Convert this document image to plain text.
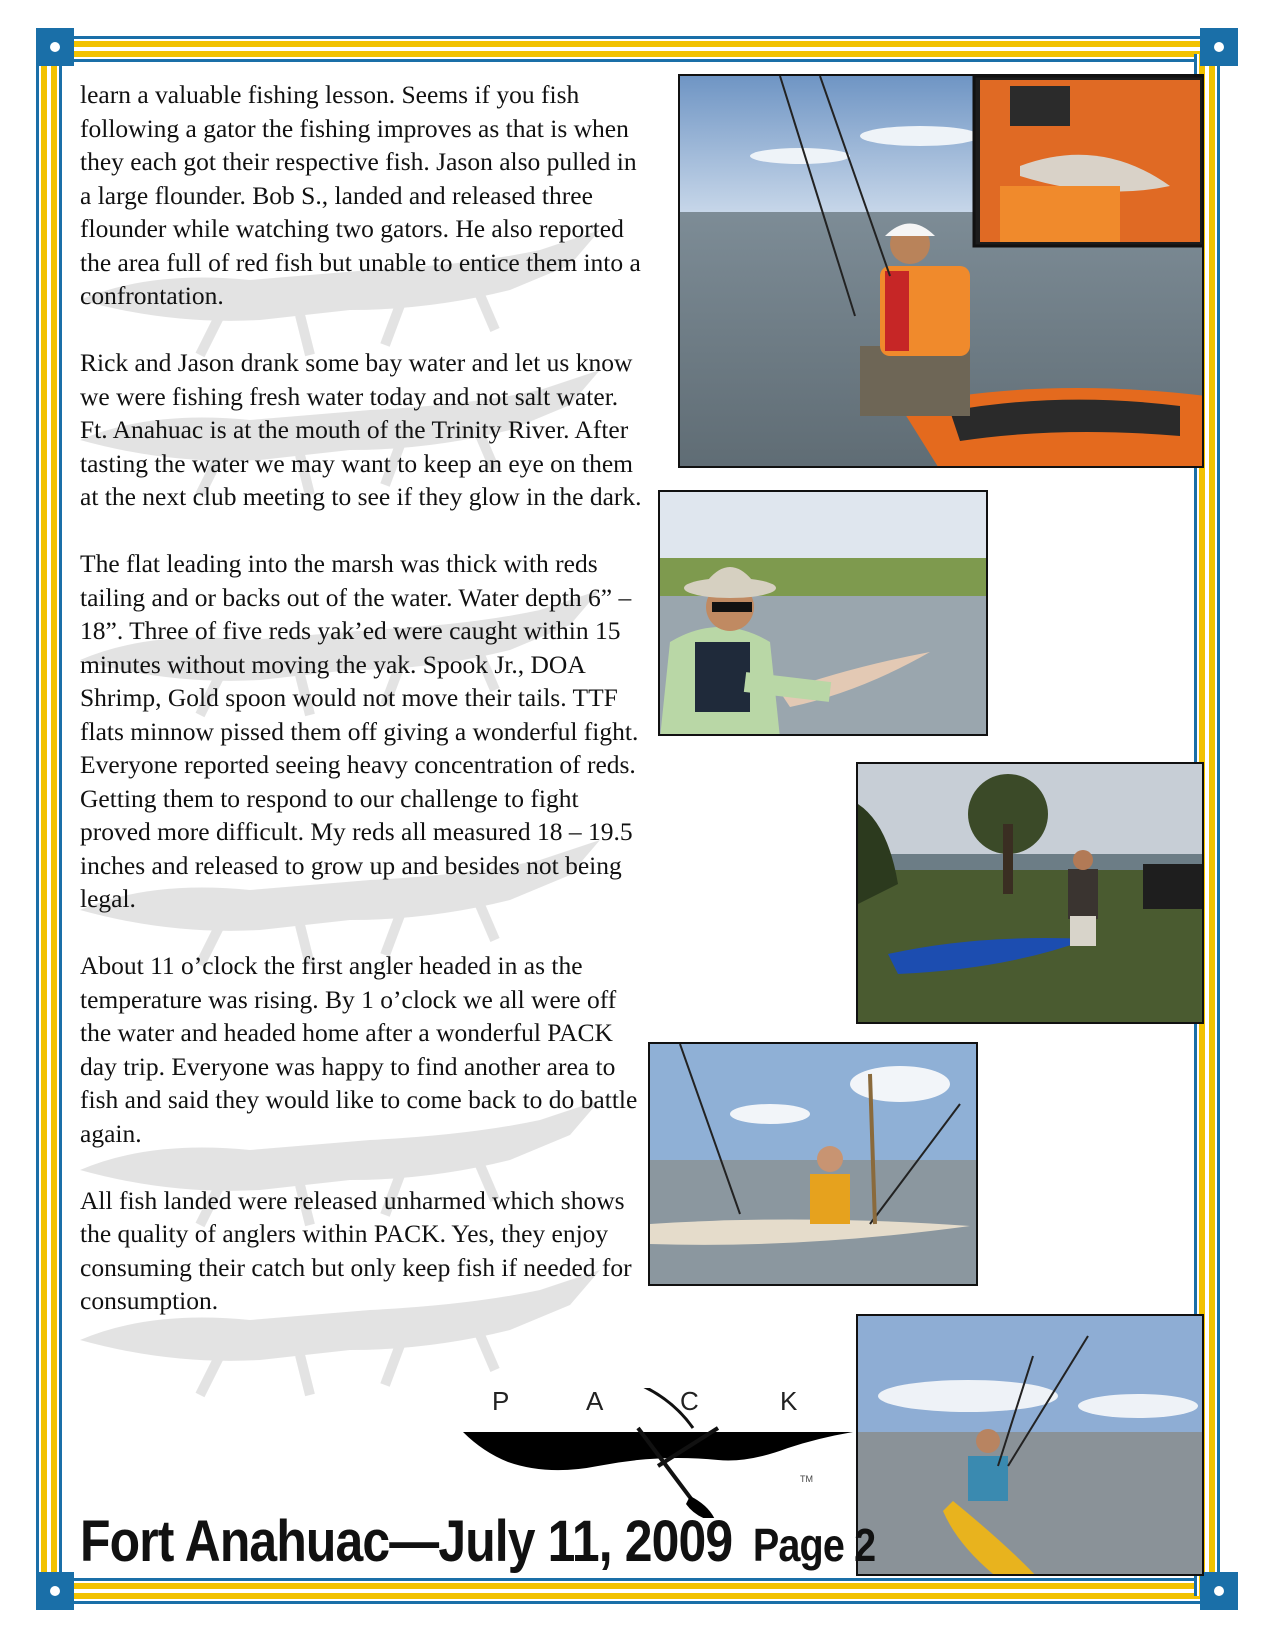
learn a valuable fishing lesson. Seems if you fish following a gator the fishing improves as that is when they each got their respective fish. Jason also pulled in a large flounder. Bob S., landed and released three flounder while watching two gators. He also reported the area full of red fish but unable to entice them into a confrontation.

Rick and Jason drank some bay water and let us know we were fishing fresh water today and not salt water. Ft. Anahuac is at the mouth of the Trinity River. After tasting the water we may want to keep an eye on them at the next club meeting to see if they glow in the dark.

The flat leading into the marsh was thick with reds tailing and or backs out of the water. Water depth 6” – 18”. Three of five reds yak’ed were caught within 15 minutes without moving the yak. Spook Jr., DOA Shrimp, Gold spoon would not move their tails. TTF flats minnow pissed them off giving a wonderful fight. Everyone reported seeing heavy concentration of reds. Getting them to respond to our challenge to fight proved more difficult. My reds all measured 18 – 19.5 inches and released to grow up and besides not being legal.

About 11 o’clock the first angler headed in as the temperature was rising. By 1 o’clock we all were off the water and headed home after a wonderful PACK day trip. Everyone was happy to find another area to fish and said they would like to come back to do battle again.

All fish landed were released unharmed which shows the quality of anglers within PACK. Yes, they enjoy consuming their catch but only keep fish if needed for consumption.

P	A	C	K
TM
Fort Anahuac—July 11, 2009 Page 2
